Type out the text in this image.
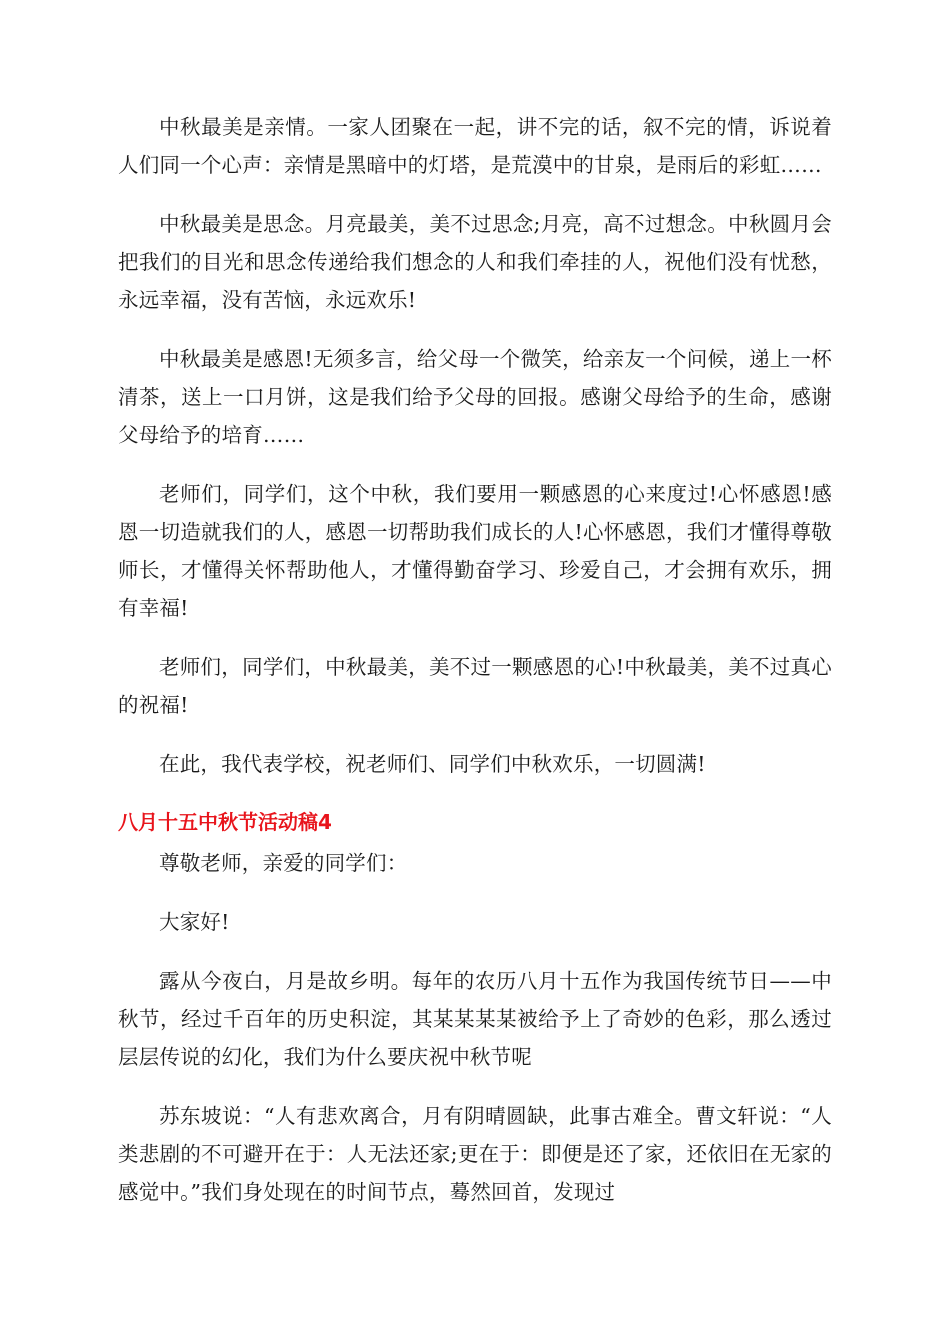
中秋最美是亲情。一家人团聚在一起，讲不完的话，叙不完的情，诉说着人们同一个心声：亲情是黑暗中的灯塔，是荒漠中的甘泉，是雨后的彩虹……

中秋最美是思念。月亮最美，美不过思念;月亮，高不过想念。中秋圆月会把我们的目光和思念传递给我们想念的人和我们牵挂的人，祝他们没有忧愁，永远幸福，没有苦恼，永远欢乐!

中秋最美是感恩!无须多言，给父母一个微笑，给亲友一个问候，递上一杯清茶，送上一口月饼，这是我们给予父母的回报。感谢父母给予的生命，感谢父母给予的培育……

老师们，同学们，这个中秋，我们要用一颗感恩的心来度过!心怀感恩!感恩一切造就我们的人，感恩一切帮助我们成长的人!心怀感恩，我们才懂得尊敬师长，才懂得关怀帮助他人，才懂得勤奋学习、珍爱自己，才会拥有欢乐，拥有幸福!

老师们，同学们，中秋最美，美不过一颗感恩的心!中秋最美，美不过真心的祝福!

在此，我代表学校，祝老师们、同学们中秋欢乐，一切圆满!

八月十五中秋节活动稿4

尊敬老师，亲爱的同学们：

大家好!

露从今夜白，月是故乡明。每年的农历八月十五作为我国传统节日——中秋节，经过千百年的历史积淀，其某某某某被给予上了奇妙的色彩，那么透过层层传说的幻化，我们为什么要庆祝中秋节呢

苏东坡说：“人有悲欢离合，月有阴晴圆缺，此事古难全。曹文轩说：“人类悲剧的不可避开在于：人无法还家;更在于：即便是还了家，还依旧在无家的感觉中。”我们身处现在的时间节点，蓦然回首，发现过
